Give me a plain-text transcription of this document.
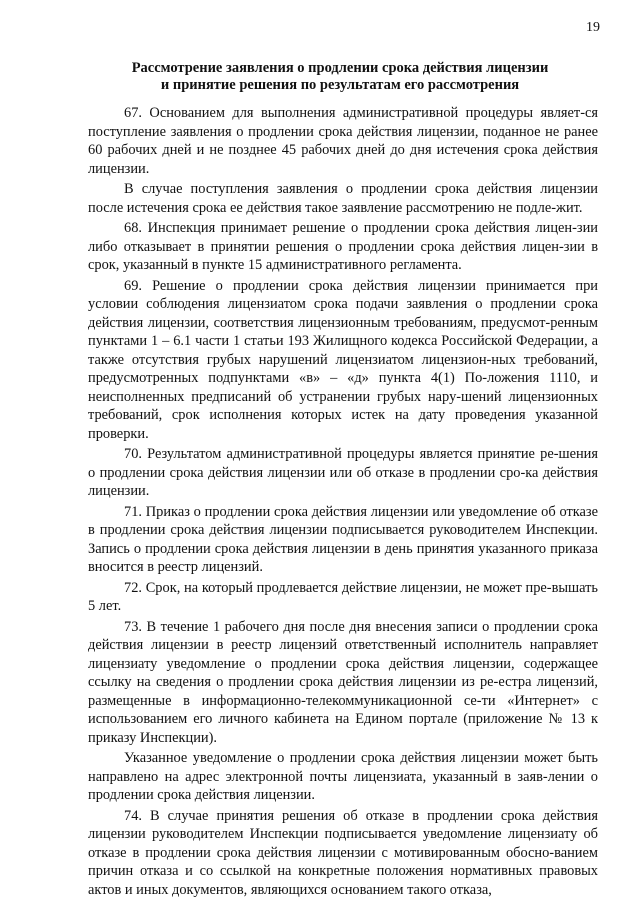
19
Рассмотрение заявления о продлении срока действия лицензии
и принятие решения по результатам его рассмотрения

67. Основанием для выполнения административной процедуры являет-ся поступление заявления о продлении срока действия лицензии, поданное не ранее 60 рабочих дней и не позднее 45 рабочих дней до дня истечения срока действия лицензии.

В случае поступления заявления о продлении срока действия лицензии после истечения срока ее действия такое заявление рассмотрению не подле-жит.

68. Инспекция принимает решение о продлении срока действия лицен-зии либо отказывает в принятии решения о продлении срока действия лицен-зии в срок, указанный в пункте 15 административного регламента.

69. Решение о продлении срока действия лицензии принимается при условии соблюдения лицензиатом срока подачи заявления о продлении срока действия лицензии, соответствия лицензионным требованиям, предусмот-ренным пунктами 1 – 6.1 части 1 статьи 193 Жилищного кодекса Российской Федерации, а также отсутствия грубых нарушений лицензиатом лицензион-ных требований, предусмотренных подпунктами «в» – «д» пункта 4(1) По-ложения 1110, и неисполненных предписаний об устранении грубых нару-шений лицензионных требований, срок исполнения которых истек на дату проведения указанной проверки.

70. Результатом административной процедуры является принятие ре-шения о продлении срока действия лицензии или об отказе в продлении сро-ка действия лицензии.

71. Приказ о продлении срока действия лицензии или уведомление об отказе в продлении срока действия лицензии подписывается руководителем Инспекции. Запись о продлении срока действия лицензии в день принятия указанного приказа вносится в реестр лицензий.

72. Срок, на который продлевается действие лицензии, не может пре-вышать 5 лет.

73. В течение 1 рабочего дня после дня внесения записи о продлении срока действия лицензии в реестр лицензий ответственный исполнитель направляет лицензиату уведомление о продлении срока действия лицензии, содержащее ссылку на сведения о продлении срока действия лицензии из ре-естра лицензий, размещенные в информационно-телекоммуникационной се-ти «Интернет» с использованием его личного кабинета на Едином портале (приложение № 13 к приказу Инспекции).

Указанное уведомление о продлении срока действия лицензии может быть направлено на адрес электронной почты лицензиата, указанный в заяв-лении о продлении срока действия лицензии.

74. В случае принятия решения об отказе в продлении срока действия лицензии руководителем Инспекции подписывается уведомление лицензиату об отказе в продлении срока действия лицензии с мотивированным обосно-ванием причин отказа и со ссылкой на конкретные положения нормативных правовых актов и иных документов, являющихся основанием такого отказа,
